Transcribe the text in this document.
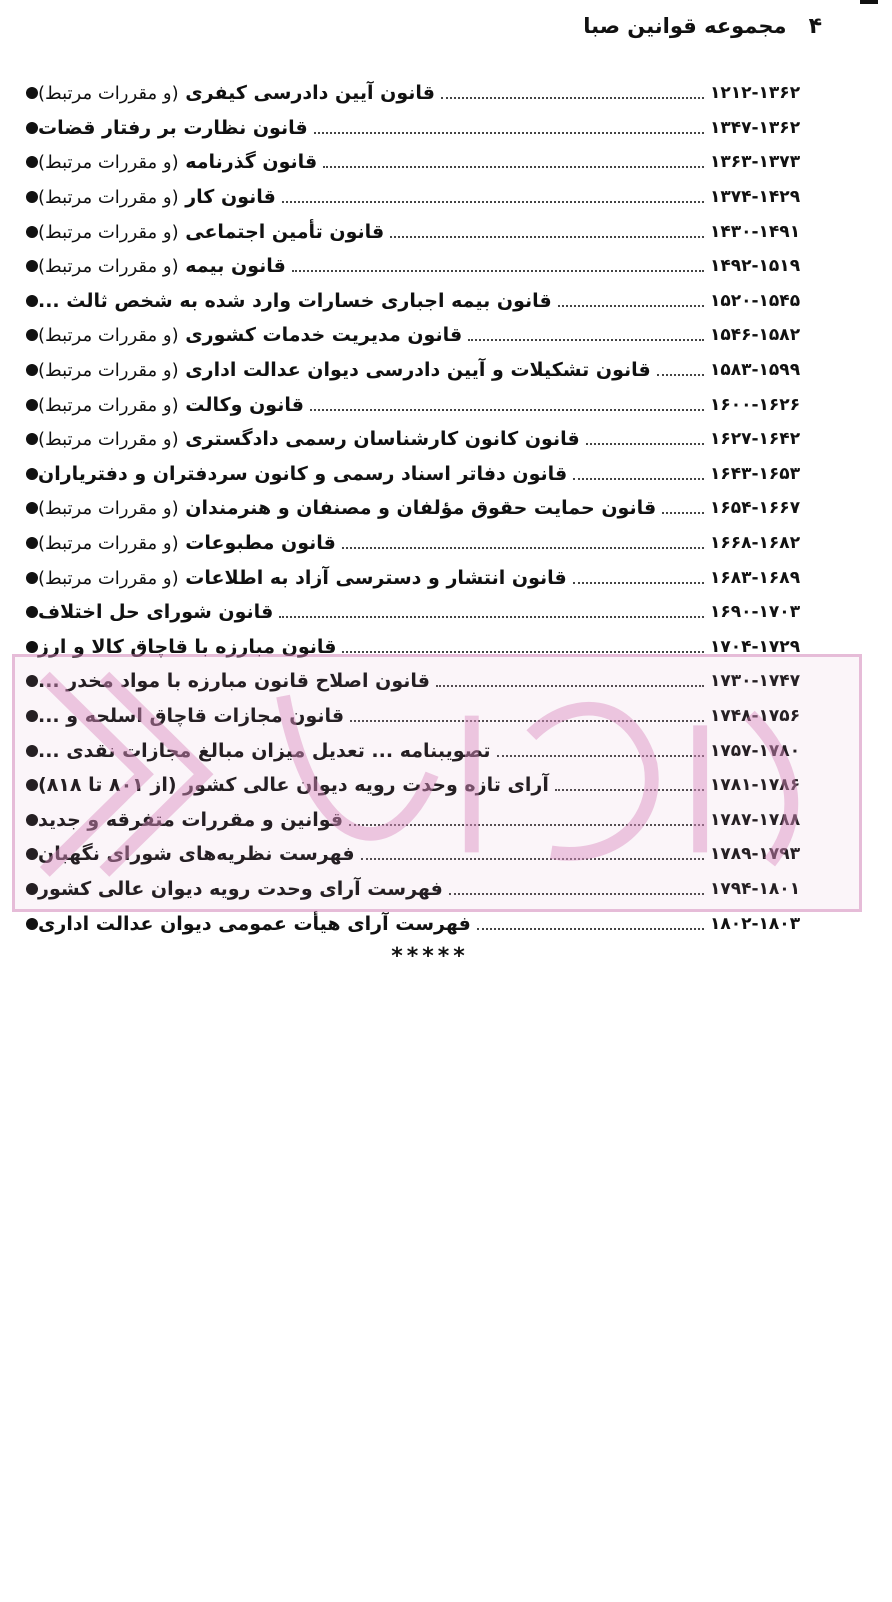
۴
مجموعه قوانین صبا
قانون آیین دادرسی کیفری (و مقررات مرتبط)	۱۲۱۲-۱۳۶۲
قانون نظارت بر رفتار قضات	۱۳۴۷-۱۳۶۲
قانون گذرنامه (و مقررات مرتبط)	۱۳۶۳-۱۳۷۳
قانون کار (و مقررات مرتبط)	۱۳۷۴-۱۴۲۹
قانون تأمین اجتماعی (و مقررات مرتبط)	۱۴۳۰-۱۴۹۱
قانون بیمه (و مقررات مرتبط)	۱۴۹۲-۱۵۱۹
قانون بیمه اجباری خسارات وارد شده به شخص ثالث ...	۱۵۲۰-۱۵۴۵
قانون مدیریت خدمات کشوری (و مقررات مرتبط)	۱۵۴۶-۱۵۸۲
قانون تشکیلات و آیین دادرسی دیوان عدالت اداری (و مقررات مرتبط)	۱۵۸۳-۱۵۹۹
قانون وکالت (و مقررات مرتبط)	۱۶۰۰-۱۶۲۶
قانون کانون کارشناسان رسمی دادگستری (و مقررات مرتبط)	۱۶۲۷-۱۶۴۲
قانون دفاتر اسناد رسمی و کانون سردفتران و دفترياران	۱۶۴۳-۱۶۵۳
قانون حمایت حقوق مؤلفان و مصنفان و هنرمندان (و مقررات مرتبط)	۱۶۵۴-۱۶۶۷
قانون مطبوعات (و مقررات مرتبط)	۱۶۶۸-۱۶۸۲
قانون انتشار و دسترسی آزاد به اطلاعات (و مقررات مرتبط)	۱۶۸۳-۱۶۸۹
قانون شورای حل اختلاف	۱۶۹۰-۱۷۰۳
قانون مبارزه با قاچاق کالا و ارز	۱۷۰۴-۱۷۲۹
قانون اصلاح قانون مبارزه با مواد مخدر ...	۱۷۳۰-۱۷۴۷
قانون مجازات قاچاق اسلحه و ...	۱۷۴۸-۱۷۵۶
تصویبنامه ... تعدیل میزان مبالغ مجازات نقدی ...	۱۷۵۷-۱۷۸۰
آرای تازه وحدت رویه دیوان عالی کشور (از ۸۰۱ تا ۸۱۸)	۱۷۸۱-۱۷۸۶
قوانین و مقررات متفرقه و جدید	۱۷۸۷-۱۷۸۸
فهرست نظریه‌های شورای نگهبان	۱۷۸۹-۱۷۹۳
فهرست آرای وحدت رویه دیوان عالی کشور	۱۷۹۴-۱۸۰۱
فهرست آرای هیأت عمومی دیوان عدالت اداری	۱۸۰۲-۱۸۰۳
*****
